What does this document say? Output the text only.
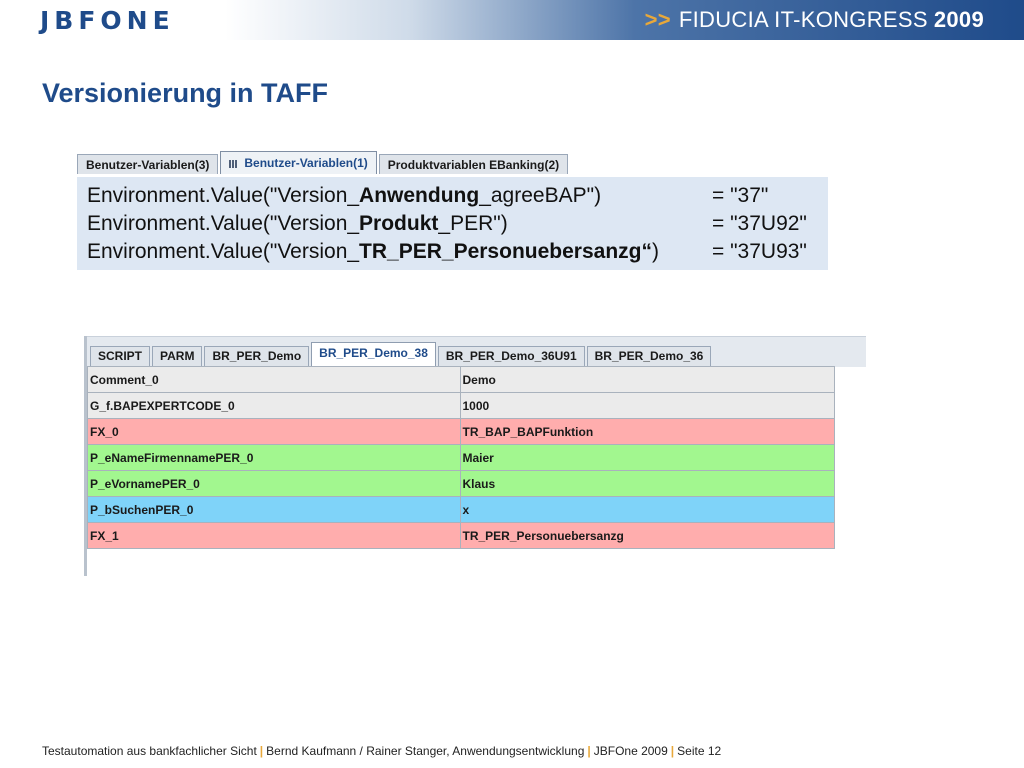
JBFONE	>> FIDUCIA IT-KONGRESS 2009
Versionierung in TAFF
Benutzer-Variablen(3)	Benutzer-Variablen(1)	Produktvariablen EBanking(2)
Environment.Value("Version_Anwendung_agreeBAP")	= "37"
Environment.Value("Version_Produkt_PER")	= "37U92"
Environment.Value("Version_TR_PER_Personuebersanzg“)	= "37U93"
SCRIPT	PARM	BR_PER_Demo	BR_PER_Demo_38	BR_PER_Demo_36U91	BR_PER_Demo_36
Comment_0	Demo
G_f.BAPEXPERTCODE_0	1000
FX_0	TR_BAP_BAPFunktion
P_eNameFirmennamePER_0	Maier
P_eVornamePER_0	Klaus
P_bSuchenPER_0	x
FX_1	TR_PER_Personuebersanzg
Testautomation aus bankfachlicher Sicht | Bernd Kaufmann / Rainer Stanger, Anwendungsentwicklung | JBFOne 2009 | Seite 12
